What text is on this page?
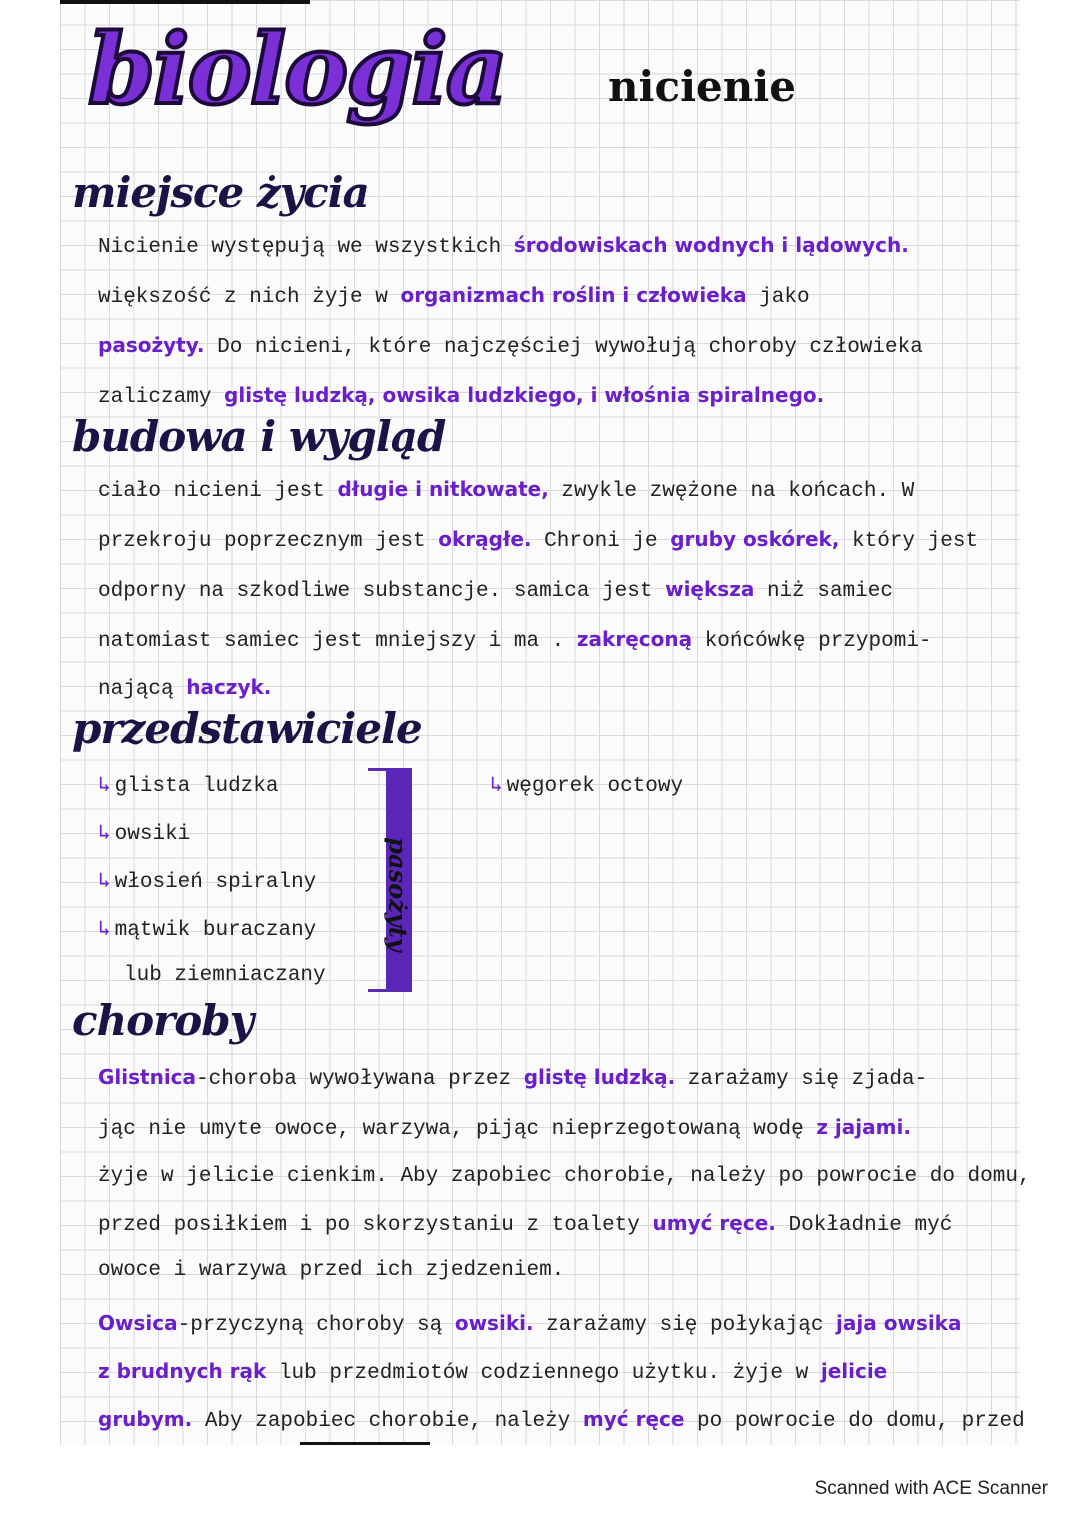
biologia nicienie
miejsce życia
Nicienie występują we wszystkich środowiskach wodnych i lądowych.
większość z nich żyje w organizmach roślin i człowieka jako
pasożyty. Do nicieni, które najczęściej wywołują choroby człowieka
zaliczamy glistę ludzką, owsika ludzkiego, i włośnia spiralnego.
budowa i wygląd
ciało nicieni jest długie i nitkowate, zwykle zwężone na końcach. W
przekroju poprzecznym jest okrągłe. Chroni je gruby oskórek, który jest
odporny na szkodliwe substancje. samica jest większa niż samiec
natomiast samiec jest mniejszy i ma . zakręconą końcówkę przypomi-
nającą haczyk.
przedstawiciele
↳ glista ludzka
↳ owsiki
↳ włosień spiralny
↳ mątwik buraczany
lub ziemniaczany
↳ węgorek octowy
pasożyty
choroby
Glistnica-choroba wywoływana przez glistę ludzką. zarażamy się zjada-
jąc nie umyte owoce, warzywa, pijąc nieprzegotowaną wodę z jajami.
żyje w jelicie cienkim. Aby zapobiec chorobie, należy po powrocie do domu,
przed posiłkiem i po skorzystaniu z toalety umyć ręce. Dokładnie myć
owoce i warzywa przed ich zjedzeniem.
Owsica-przyczyną choroby są owsiki. zarażamy się połykając jaja owsika
z brudnych rąk lub przedmiotów codziennego użytku. żyje w jelicie
grubym. Aby zapobiec chorobie, należy myć ręce po powrocie do domu, przed
Scanned with ACE Scanner
